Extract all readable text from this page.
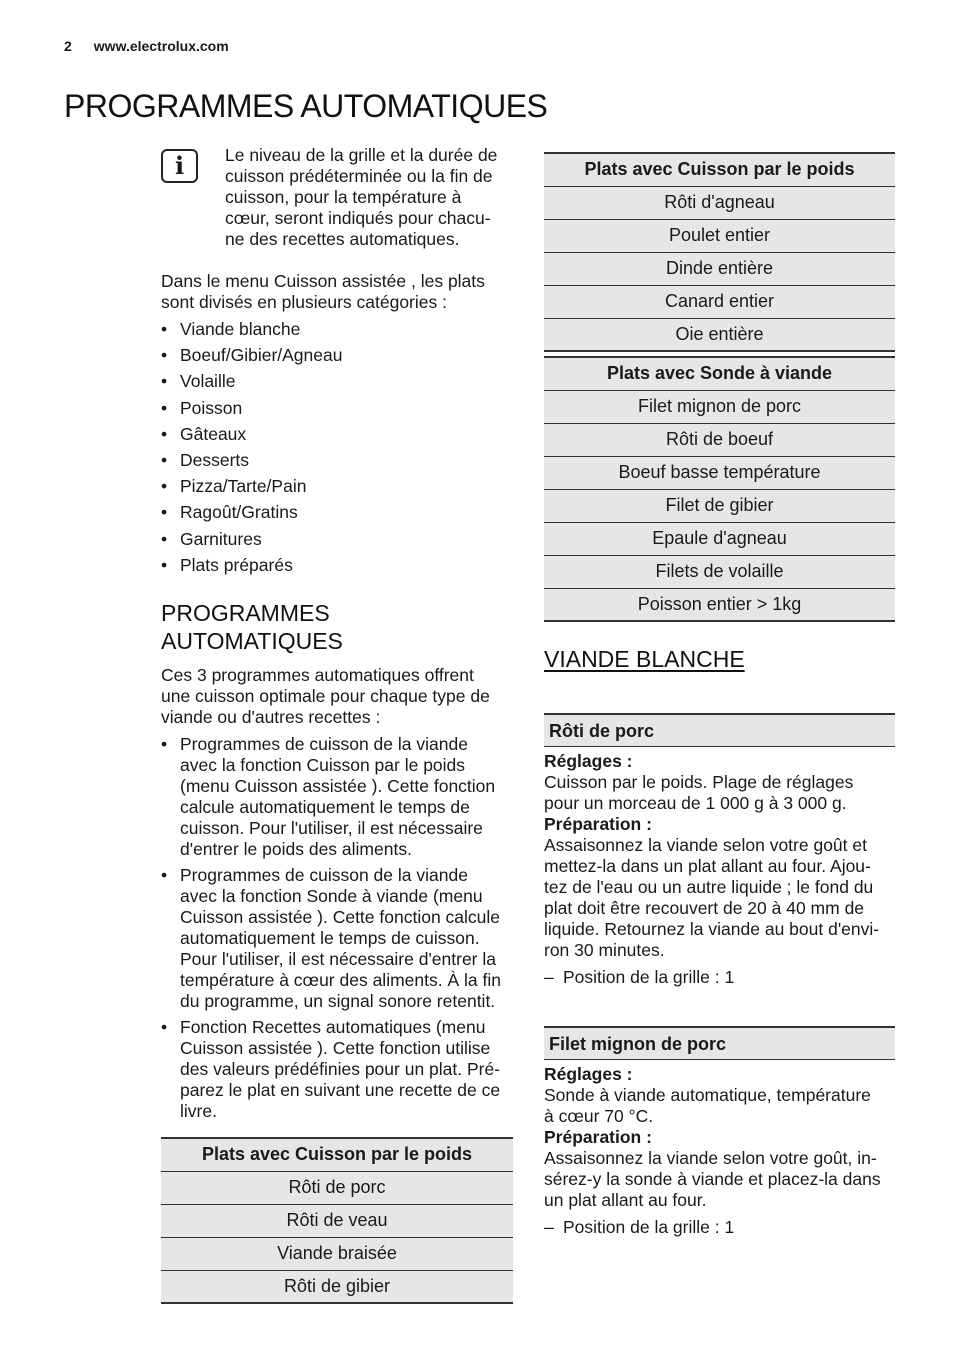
2 www.electrolux.com
PROGRAMMES AUTOMATIQUES
i Le niveau de la grille et la durée de

cuisson prédéterminée ou la fin de

cuisson, pour la température à

cœur, seront indiqués pour chacu-

ne des recettes automatiques.

Dans le menu Cuisson assistée , les plats

sont divisés en plusieurs catégories :

• Viande blanche
• Boeuf/Gibier/Agneau
• Volaille
• Poisson
• Gâteaux
• Desserts
• Pizza/Tarte/Pain
• Ragoût/Gratins
• Garnitures
• Plats préparés
PROGRAMMES
AUTOMATIQUES

Ces 3 programmes automatiques offrent

une cuisson optimale pour chaque type de

viande ou d'autres recettes :

• Programmes de cuisson de la viande
avec la fonction Cuisson par le poids
(menu Cuisson assistée ). Cette fonction
calcule automatiquement le temps de
cuisson. Pour l'utiliser, il est nécessaire
d'entrer le poids des aliments.
• Programmes de cuisson de la viande
avec la fonction Sonde à viande (menu
Cuisson assistée ). Cette fonction calcule
automatiquement le temps de cuisson.
Pour l'utiliser, il est nécessaire d'entrer la
température à cœur des aliments. À la fin
du programme, un signal sonore retentit.
• Fonction Recettes automatiques (menu
Cuisson assistée ). Cette fonction utilise
des valeurs prédéfinies pour un plat. Pré-
parez le plat en suivant une recette de ce
livre.
Plats avec Cuisson par le poids
Rôti de porc
Rôti de veau
Viande braisée
Rôti de gibier
Plats avec Cuisson par le poids
Rôti d'agneau
Poulet entier
Dinde entière
Canard entier
Oie entière
Plats avec Sonde à viande
Filet mignon de porc
Rôti de boeuf
Boeuf basse température
Filet de gibier
Epaule d'agneau
Filets de volaille
Poisson entier > 1kg
VIANDE BLANCHE
Rôti de porc

Réglages :

Cuisson par le poids. Plage de réglages

pour un morceau de 1 000 g à 3 000 g.

Préparation :

Assaisonnez la viande selon votre goût et

mettez-la dans un plat allant au four. Ajou-

tez de l'eau ou un autre liquide ; le fond du

plat doit être recouvert de 20 à 40 mm de

liquide. Retournez la viande au bout d'envi-

ron 30 minutes.

– Position de la grille : 1
Filet mignon de porc

Réglages :

Sonde à viande automatique, température

à cœur 70 °C.

Préparation :

Assaisonnez la viande selon votre goût, in-

sérez-y la sonde à viande et placez-la dans

un plat allant au four.

– Position de la grille : 1
